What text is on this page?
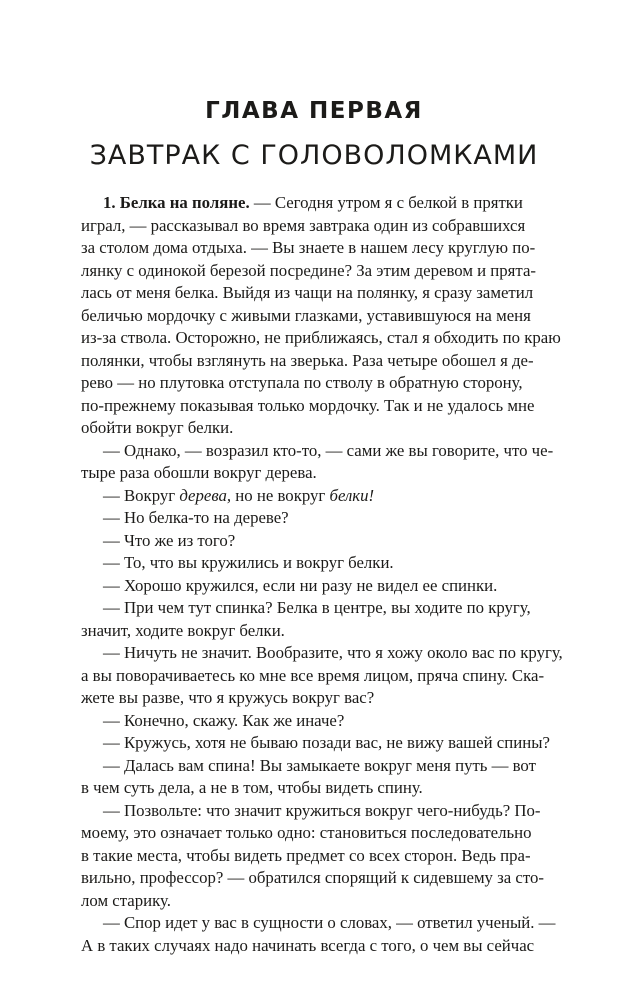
ГЛАВА ПЕРВАЯ
ЗАВТРАК С ГОЛОВОЛОМКАМИ
1. Белка на поляне. — Сегодня утром я с белкой в прятки
играл, — рассказывал во время завтрака один из собравшихся
за столом дома отдыха. — Вы знаете в нашем лесу круглую по-
лянку с одинокой березой посредине? За этим деревом и прята-
лась от меня белка. Выйдя из чащи на полянку, я сразу заметил
беличью мордочку с живыми глазками, уставившуюся на меня
из-за ствола. Осторожно, не приближаясь, стал я обходить по краю
полянки, чтобы взглянуть на зверька. Раза четыре обошел я де-
рево — но плутовка отступала по стволу в обратную сторону,
по-прежнему показывая только мордочку. Так и не удалось мне
обойти вокруг белки.
— Однако, — возразил кто-то, — сами же вы говорите, что че-
тыре раза обошли вокруг дерева.
— Вокруг дерева, но не вокруг белки!
— Но белка-то на дереве?
— Что же из того?
— То, что вы кружились и вокруг белки.
— Хорошо кружился, если ни разу не видел ее спинки.
— При чем тут спинка? Белка в центре, вы ходите по кругу,
значит, ходите вокруг белки.
— Ничуть не значит. Вообразите, что я хожу около вас по кругу,
а вы поворачиваетесь ко мне все время лицом, пряча спину. Ска-
жете вы разве, что я кружусь вокруг вас?
— Конечно, скажу. Как же иначе?
— Кружусь, хотя не бываю позади вас, не вижу вашей спины?
— Далась вам спина! Вы замыкаете вокруг меня путь — вот
в чем суть дела, а не в том, чтобы видеть спину.
— Позвольте: что значит кружиться вокруг чего-нибудь? По-
моему, это означает только одно: становиться последовательно
в такие места, чтобы видеть предмет со всех сторон. Ведь пра-
вильно, профессор? — обратился спорящий к сидевшему за сто-
лом старику.
— Спор идет у вас в сущности о словах, — ответил ученый. —
А в таких случаях надо начинать всегда с того, о чем вы сейчас
